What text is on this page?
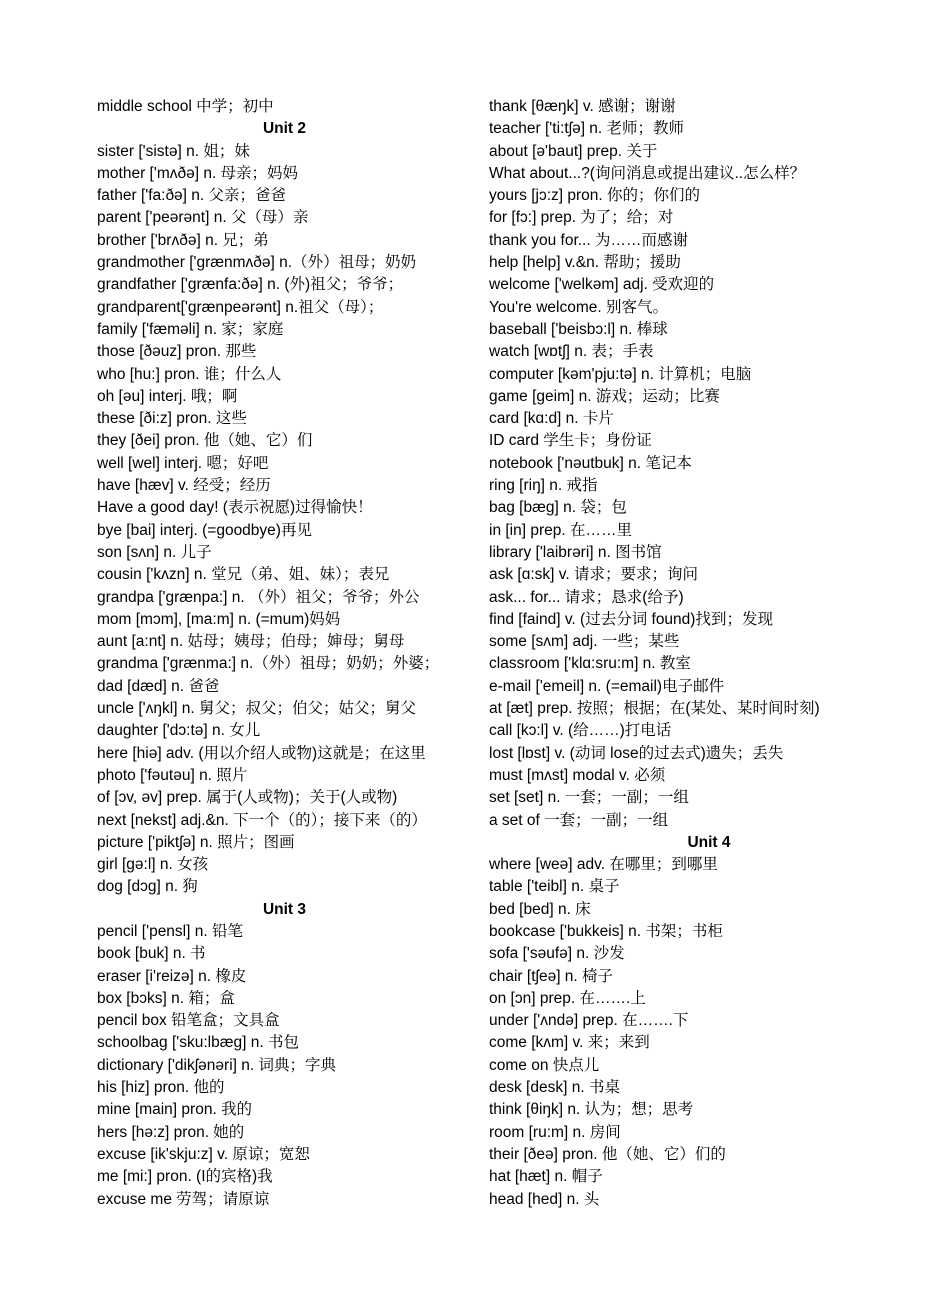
middle school 中学；初中
Unit 2
sister ['sistə] n. 姐；妹
mother ['mʌðə] n. 母亲；妈妈
father ['fa:ðə] n. 父亲；爸爸
parent ['peərənt] n. 父（母）亲
brother ['brʌðə] n. 兄；弟
grandmother ['grænmʌðə] n.（外）祖母；奶奶
grandfather ['grænfa:ðə] n. (外)祖父；爷爷；
grandparent['grænpeərənt] n.祖父（母）；
family ['fæməli] n. 家；家庭
those [ðəuz] pron. 那些
who [hu:] pron. 谁；什么人
oh [əu] interj. 哦；啊
these [ði:z] pron. 这些
they [ðei] pron. 他（她、它）们
well [wel] interj. 嗯；好吧
have [hæv] v. 经受；经历
Have a good day! (表示祝愿)过得愉快！
bye [bai] interj. (=goodbye)再见
son [sʌn] n. 儿子
cousin ['kʌzn] n. 堂兄（弟、姐、妹）；表兄
grandpa ['grænpa:] n. （外）祖父；爷爷；外公
mom [mɔm], [ma:m] n. (=mum)妈妈
aunt [a:nt] n. 姑母；姨母；伯母；婶母；舅母
grandma ['grænma:] n.（外）祖母；奶奶；外婆；
dad [dæd] n. 爸爸
uncle ['ʌŋkl] n. 舅父；叔父；伯父；姑父；舅父
daughter ['dɔ:tə] n. 女儿
here [hiə] adv. (用以介绍人或物)这就是；在这里
photo ['fəutəu] n. 照片
of [ɔv, əv] prep. 属于(人或物)；关于(人或物)
next [nekst] adj.&n. 下一个（的）；接下来（的）
picture ['piktʃə] n. 照片；图画
girl [gə:l] n. 女孩
dog [dɔg] n. 狗
Unit 3
pencil ['pensl] n. 铅笔
book [buk] n. 书
eraser [i'reizə] n. 橡皮
box [bɔks] n. 箱；盒
pencil box 铅笔盒；文具盒
schoolbag ['sku:lbæg] n. 书包
dictionary ['dikʃənəri] n. 词典；字典
his [hiz] pron. 他的
mine [main] pron. 我的
hers [hə:z] pron. 她的
excuse [ik'skju:z] v. 原谅；宽恕
me [mi:] pron. (I的宾格)我
excuse me 劳驾；请原谅
thank [θæŋk] v. 感谢；谢谢
teacher ['ti:tʃə] n. 老师；教师
about [ə'baut] prep. 关于
What about...?(询问消息或提出建议..怎么样？
yours [jɔ:z] pron. 你的；你们的
for [fɔ:] prep. 为了；给；对
thank you for... 为……而感谢
help [help] v.&n. 帮助；援助
welcome ['welkəm] adj. 受欢迎的
You're welcome. 别客气。
baseball ['beisbɔ:l] n. 棒球
watch [wɒtʃ] n. 表；手表
computer [kəm'pju:tə] n. 计算机；电脑
game [geim] n. 游戏；运动；比赛
card [kɑ:d] n. 卡片
ID card 学生卡；身份证
notebook ['nəutbuk] n. 笔记本
ring [riŋ] n. 戒指
bag [bæg] n. 袋；包
in [in] prep. 在……里
library ['laibrəri] n. 图书馆
ask [ɑ:sk] v. 请求；要求；询问
ask... for... 请求；恳求(给予)
find [faind] v. (过去分词 found)找到；发现
some [sʌm] adj. 一些；某些
classroom ['klɑ:sru:m] n. 教室
e-mail ['emeil] n. (=email)电子邮件
at [æt] prep. 按照；根据；在(某处、某时间时刻)
call [kɔ:l] v. (给……)打电话
lost [lɒst] v. (动词 lose的过去式)遗失；丢失
must [mʌst] modal v. 必须
set [set] n. 一套；一副；一组
a set of 一套；一副；一组
Unit 4
where [weə] adv. 在哪里；到哪里
table ['teibl] n. 桌子
bed [bed] n. 床
bookcase ['bukkeis] n. 书架；书柜
sofa ['səufə] n. 沙发
chair [tʃeə] n. 椅子
on [ɔn] prep. 在…….上
under ['ʌndə] prep. 在…….下
come [kʌm] v. 来；来到
come on 快点儿
desk [desk] n. 书桌
think [θiŋk] n. 认为；想；思考
room [ru:m] n. 房间
their [ðeə] pron. 他（她、它）们的
hat [hæt] n. 帽子
head [hed] n. 头
